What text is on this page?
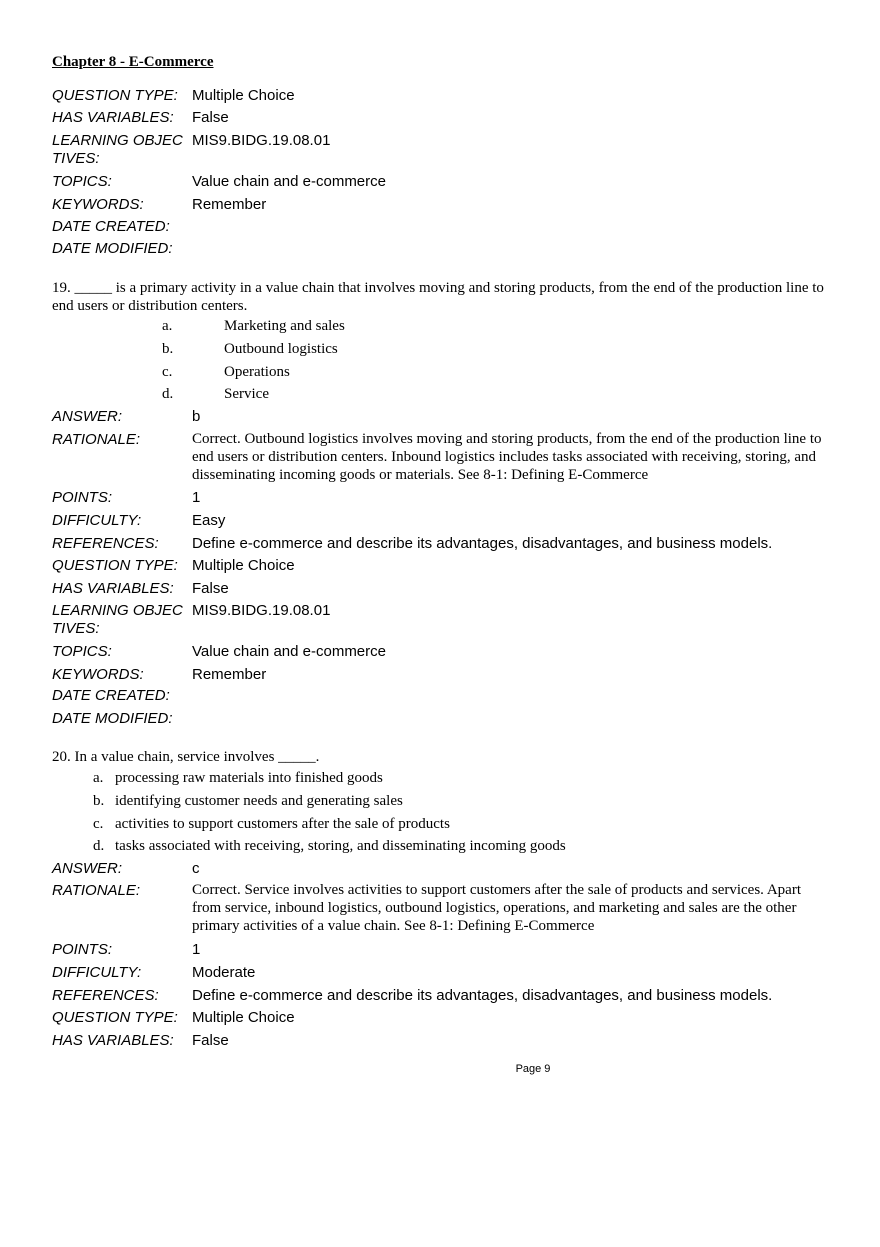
Chapter 8 - E-Commerce
QUESTION TYPE: Multiple Choice
HAS VARIABLES: False
LEARNING OBJEC MIS9.BIDG.19.08.01
TIVES:
TOPICS:	Value chain and e-commerce
KEYWORDS:	Remember
DATE CREATED:
DATE MODIFIED:
19. _____ is a primary activity in a value chain that involves moving and storing products, from the end of the production line to end users or distribution centers.
a.	Marketing and sales
b.	Outbound logistics
c.	Operations
d.	Service
ANSWER:	b
RATIONALE:	Correct. Outbound logistics involves moving and storing products, from the end of the production line to end users or distribution centers. Inbound logistics includes tasks associated with receiving, storing, and disseminating incoming goods or materials. See 8-1: Defining E-Commerce
POINTS:	1
DIFFICULTY:	Easy
REFERENCES: Define e-commerce and describe its advantages, disadvantages, and business models.
QUESTION TYPE: Multiple Choice
HAS VARIABLES: False
LEARNING OBJEC MIS9.BIDG.19.08.01
TIVES:
TOPICS:	Value chain and e-commerce
KEYWORDS:	Remember
DATE CREATED:
DATE MODIFIED:
20. In a value chain, service involves _____.
a. processing raw materials into finished goods
b. identifying customer needs and generating sales
c. activities to support customers after the sale of products
d. tasks associated with receiving, storing, and disseminating incoming goods
ANSWER:	c
RATIONALE:	Correct. Service involves activities to support customers after the sale of products and services. Apart from service, inbound logistics, outbound logistics, operations, and marketing and sales are the other primary activities of a value chain. See 8-1: Defining E-Commerce
POINTS:	1
DIFFICULTY:	Moderate
REFERENCES: Define e-commerce and describe its advantages, disadvantages, and business models.
QUESTION TYPE: Multiple Choice
HAS VARIABLES: False
Page 9
